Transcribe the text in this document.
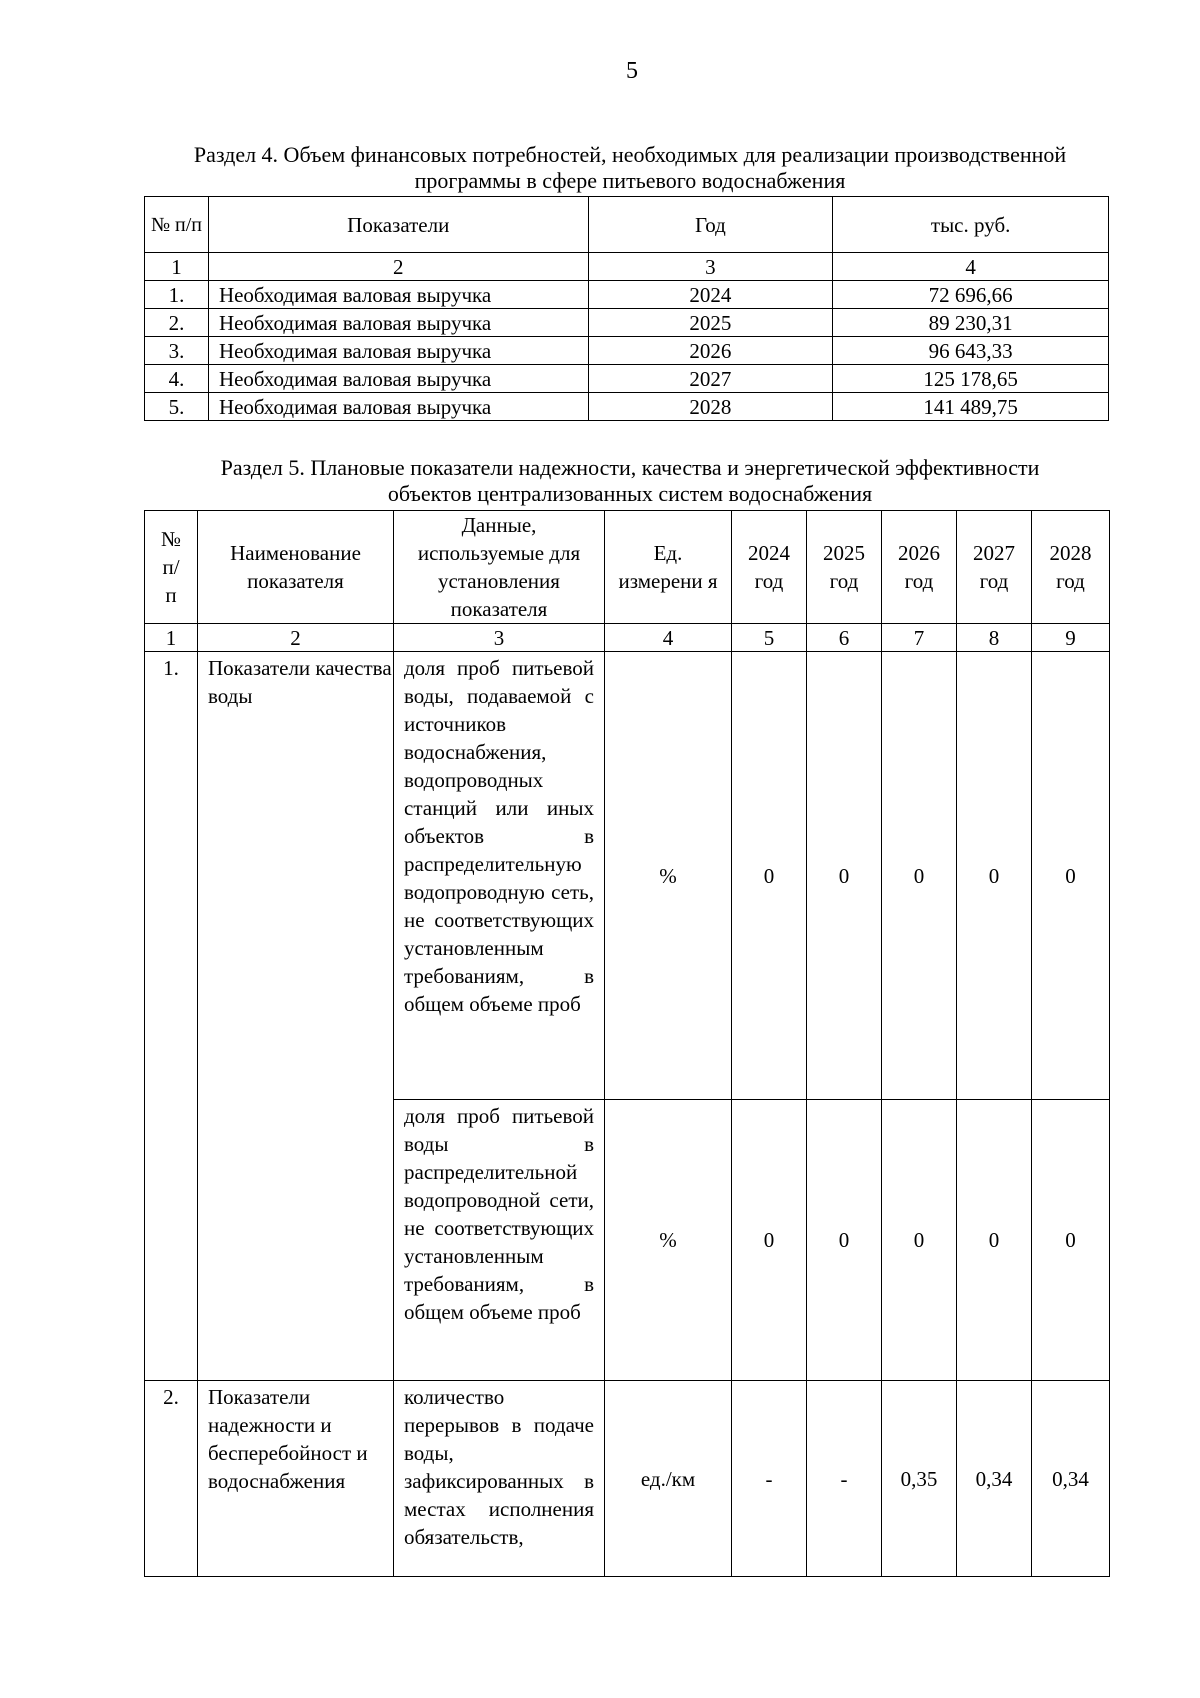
5
Раздел 4. Объем финансовых потребностей, необходимых для реализации производственной
программы в сфере питьевого водоснабжения
№ п/п	Показатели	Год	тыс. руб.
1	2	3	4
1.	Необходимая валовая выручка	2024	72 696,66
2.	Необходимая валовая выручка	2025	89 230,31
3.	Необходимая валовая выручка	2026	96 643,33
4.	Необходимая валовая выручка	2027	125 178,65
5.	Необходимая валовая выручка	2028	141 489,75
Раздел 5. Плановые показатели надежности, качества и энергетической эффективности
объектов централизованных систем водоснабжения
№ п/ п	Наименование показателя	Данные, используемые для установления показателя	Ед. измерени я	2024 год	2025 год	2026 год	2027 год	2028 год
1	2	3	4	5	6	7	8	9
1.	Показатели качества воды	доля проб питьевой воды, подаваемой с источников водоснабжения, водопроводных станций или иных объектов в распределительную водопроводную сеть, не соответствующих установленным требованиям, в общем объеме проб	%	0	0	0	0	0
		доля проб питьевой воды в распределительной водопроводной сети, не соответствующих установленным требованиям, в общем объеме проб	%	0	0	0	0	0
2.	Показатели надежности и бесперебойност и водоснабжения	количество перерывов в подаче воды, зафиксированных в местах исполнения обязательств,	ед./км	-	-	0,35	0,34	0,34
